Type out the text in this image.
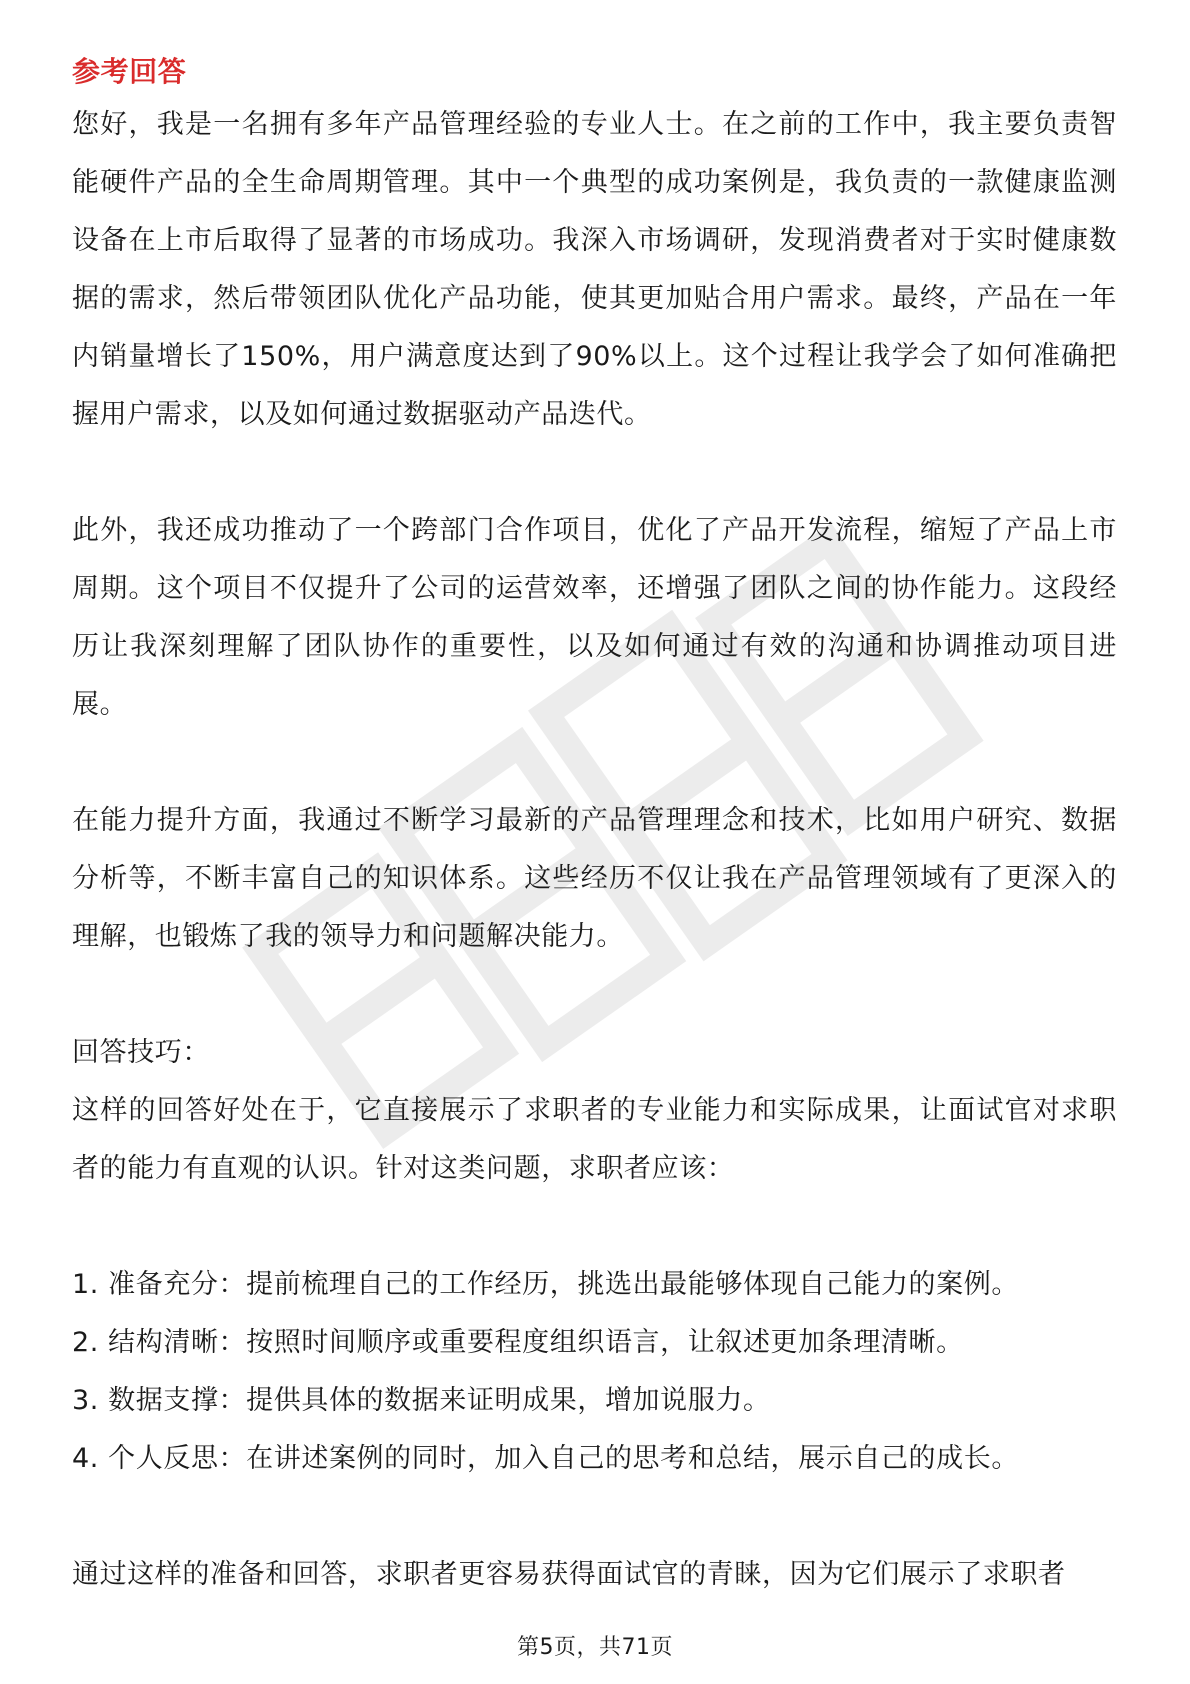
参考回答

您好，我是一名拥有多年产品管理经验的专业人士。在之前的工作中，我主要负责智能硬件产品的全生命周期管理。其中一个典型的成功案例是，我负责的一款健康监测设备在上市后取得了显著的市场成功。我深入市场调研，发现消费者对于实时健康数据的需求，然后带领团队优化产品功能，使其更加贴合用户需求。最终，产品在一年内销量增长了150%，用户满意度达到了90%以上。这个过程让我学会了如何准确把握用户需求，以及如何通过数据驱动产品迭代。

此外，我还成功推动了一个跨部门合作项目，优化了产品开发流程，缩短了产品上市周期。这个项目不仅提升了公司的运营效率，还增强了团队之间的协作能力。这段经历让我深刻理解了团队协作的重要性，以及如何通过有效的沟通和协调推动项目进展。

在能力提升方面，我通过不断学习最新的产品管理理念和技术，比如用户研究、数据分析等，不断丰富自己的知识体系。这些经历不仅让我在产品管理领域有了更深入的理解，也锻炼了我的领导力和问题解决能力。

回答技巧：

这样的回答好处在于，它直接展示了求职者的专业能力和实际成果，让面试官对求职者的能力有直观的认识。针对这类问题，求职者应该：

1. 准备充分：提前梳理自己的工作经历，挑选出最能够体现自己能力的案例。
2. 结构清晰：按照时间顺序或重要程度组织语言，让叙述更加条理清晰。
3. 数据支撑：提供具体的数据来证明成果，增加说服力。
4. 个人反思：在讲述案例的同时，加入自己的思考和总结，展示自己的成长。

通过这样的准备和回答，求职者更容易获得面试官的青睐，因为它们展示了求职者

第5页，共71页
